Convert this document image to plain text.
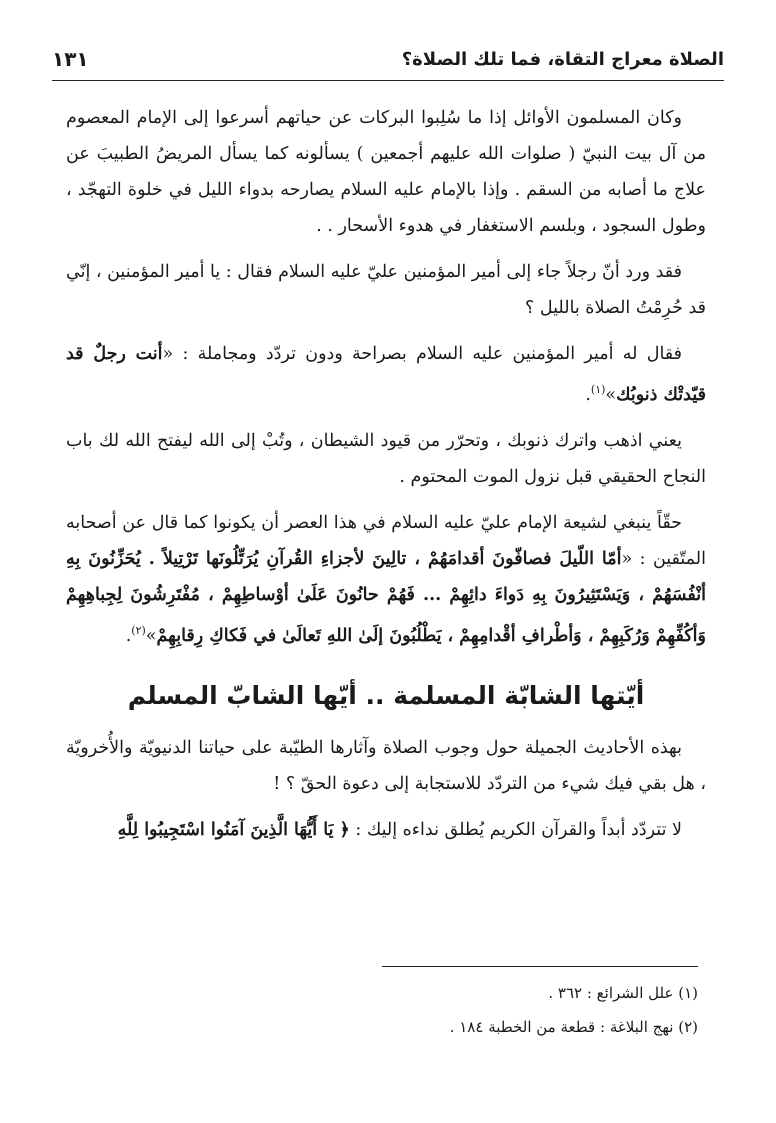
الصلاة معراج التقاة، فما تلك الصلاة؟
١٣١

وكان المسلمون الأوائل إذا ما سُلِبوا البركات عن حياتهم أسرعوا إلى الإمام المعصوم من آل بيت النبيّ ( صلوات الله عليهم أجمعين ) يسألونه كما يسأل المريضُ الطبيبَ عن علاج ما أصابه من السقم . وإذا بالإمام عليه السلام يصارحه بدواء الليل في خلوة التهجّد ، وطول السجود ، وبلسم الاستغفار في هدوء الأسحار . .

فقد ورد أنّ رجلاً جاء إلى أمير المؤمنين عليّ عليه السلام فقال : يا أمير المؤمنين ، إنّي قد حُرِمْتُ الصلاة بالليل ؟

فقال له أمير المؤمنين عليه السلام بصراحة ودون تردّد ومجاملة : «أنت رجلٌ قد قيّدتْك ذنوبُك»$^{(١)}$.

يعني اذهب واترك ذنوبك ، وتحرّر من قيود الشيطان ، وتُبْ إلى الله ليفتح الله لك باب النجاح الحقيقي قبل نزول الموت المحتوم .

حقّاً ينبغي لشيعة الإمام عليّ عليه السلام في هذا العصر أن يكونوا كما قال عن أصحابه المتّقين : «أمّا اللّيلَ فصافّونَ أقدامَهُمْ ، تالِينَ لأجزاءِ القُرآنِ يُرَتِّلُونَها تَرْتِيلاً . يُحَزِّنُونَ بِهِ أنْفُسَهُمْ ، وَيَسْتَثِيرُونَ بِهِ دَواءَ دائِهِمْ ... فَهُمْ حانُونَ عَلَىٰ أوْساطِهِمْ ، مُفْتَرِشُونَ لِجِباهِهِمْ وَأكُفِّهِمْ وَرُكَبِهِمْ ، وَأطْرافِ أقْدامِهِمْ ، يَطْلُبُونَ إلَىٰ اللهِ تَعالَىٰ في فَكاكِ رِقابِهِمْ»$^{(٢)}$.

أيّتها الشابّة المسلمة .. أيّها الشابّ المسلم

بهذه الأحاديث الجميلة حول وجوب الصلاة وآثارها الطيّبة على حياتنا الدنيويّة والأُخرويّة ، هل بقي فيك شيء من التردّد للاستجابة إلى دعوة الحقّ ؟ !

لا تتردّد أبداً والقرآن الكريم يُطلق نداءه إليك : ﴿ يَا أَيُّهَا الَّذِينَ آمَنُوا اسْتَجِيبُوا لِلَّهِ

(١) علل الشرائع : ٣٦٢ .
(٢) نهج البلاغة : قطعة من الخطبة ١٨٤ .
